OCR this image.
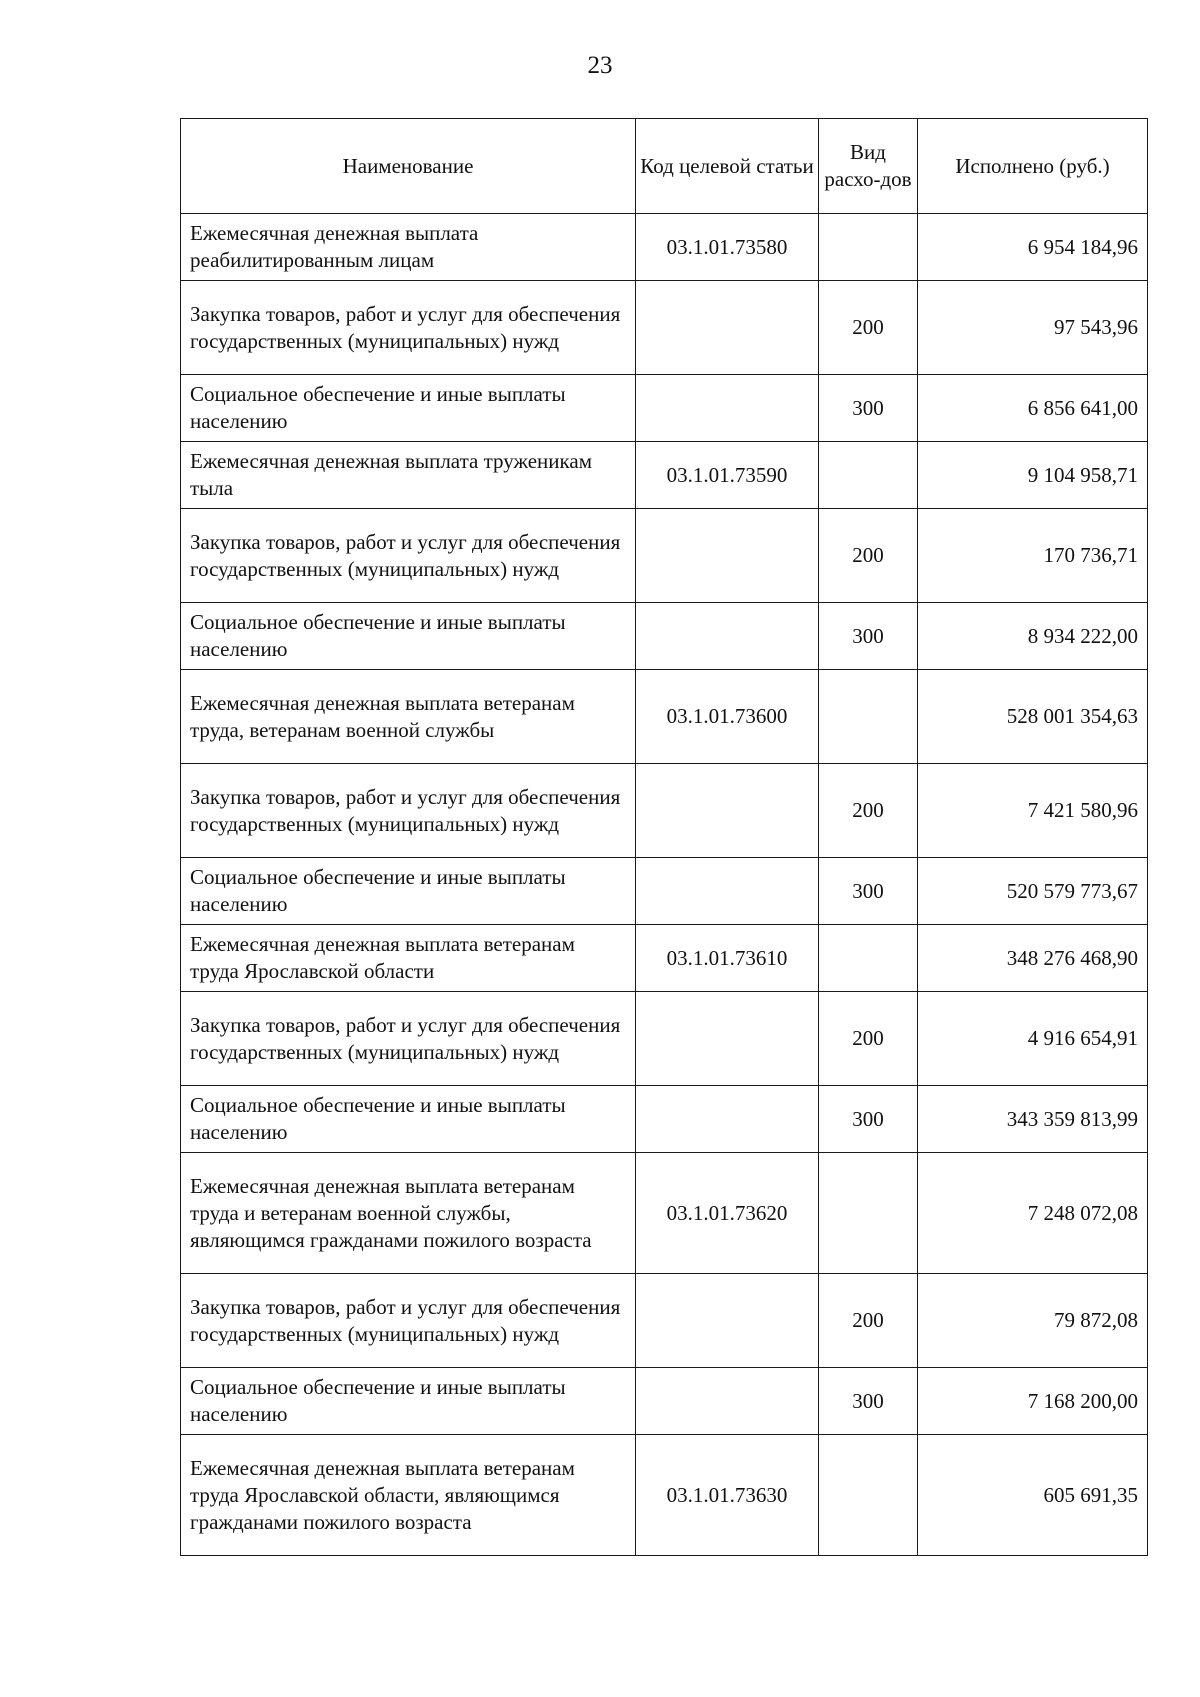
23
Наименование	Код целевой статьи	Вид расхо-дов	Исполнено (руб.)
Ежемесячная денежная выплата реабилитированным лицам	03.1.01.73580		6 954 184,96
Закупка товаров, работ и услуг для обеспечения государственных (муниципальных) нужд		200	97 543,96
Социальное обеспечение и иные выплаты населению		300	6 856 641,00
Ежемесячная денежная выплата труженикам тыла	03.1.01.73590		9 104 958,71
Закупка товаров, работ и услуг для обеспечения государственных (муниципальных) нужд		200	170 736,71
Социальное обеспечение и иные выплаты населению		300	8 934 222,00
Ежемесячная денежная выплата ветеранам труда, ветеранам военной службы	03.1.01.73600		528 001 354,63
Закупка товаров, работ и услуг для обеспечения государственных (муниципальных) нужд		200	7 421 580,96
Социальное обеспечение и иные выплаты населению		300	520 579 773,67
Ежемесячная денежная выплата ветеранам труда Ярославской области	03.1.01.73610		348 276 468,90
Закупка товаров, работ и услуг для обеспечения государственных (муниципальных) нужд		200	4 916 654,91
Социальное обеспечение и иные выплаты населению		300	343 359 813,99
Ежемесячная денежная выплата ветеранам труда и ветеранам военной службы, являющимся гражданами пожилого возраста	03.1.01.73620		7 248 072,08
Закупка товаров, работ и услуг для обеспечения государственных (муниципальных) нужд		200	79 872,08
Социальное обеспечение и иные выплаты населению		300	7 168 200,00
Ежемесячная денежная выплата ветеранам труда Ярославской области, являющимся гражданами пожилого возраста	03.1.01.73630		605 691,35
